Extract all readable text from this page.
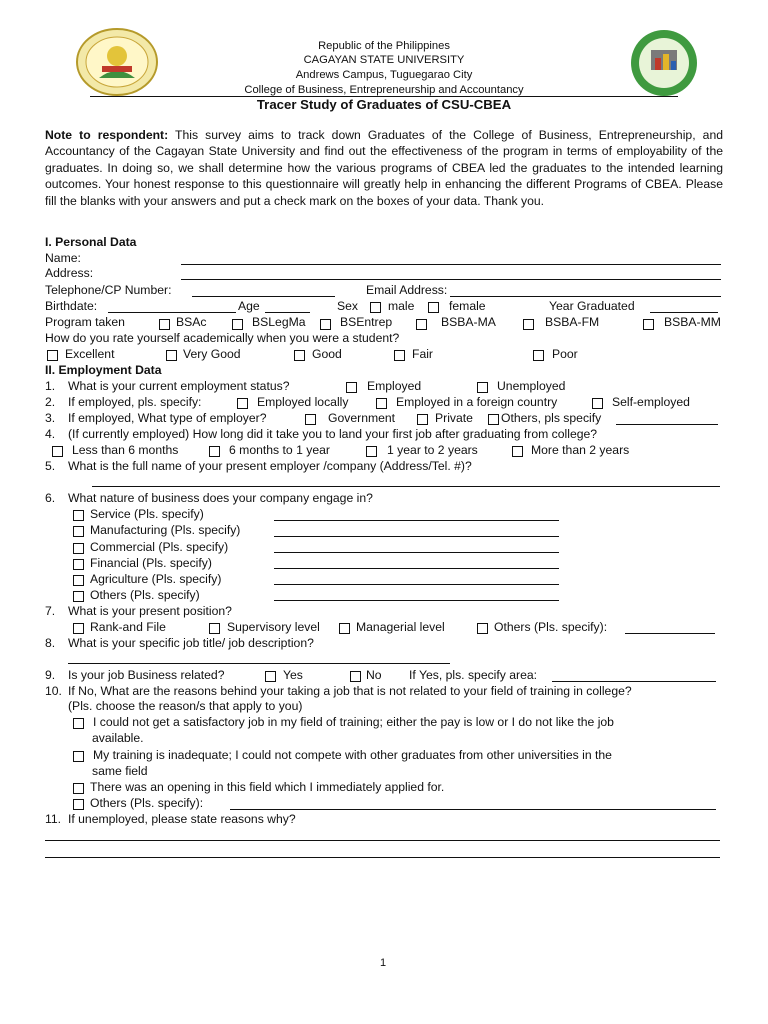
Republic of the Philippines
CAGAYAN STATE UNIVERSITY
Andrews Campus, Tuguegarao City
College of Business, Entrepreneurship and Accountancy
Tracer Study of Graduates of CSU-CBEA
Note to respondent: This survey aims to track down Graduates of the College of Business, Entrepreneurship, and Accountancy of the Cagayan State University and find out the effectiveness of the program in terms of employability of the graduates. In doing so, we shall determine how the various programs of CBEA led the graduates to the intended learning outcomes. Your honest response to this questionnaire will greatly help in enhancing the different Programs of CBEA. Please fill the blanks with your answers and put a check mark on the boxes of your data. Thank you.
I. Personal Data
Name:
Address:
Telephone/CP Number:	Email Address:
Birthdate:	Age	Sex male	female	Year Graduated
Program taken	BSAc	BSLegMa	BSEntrep	BSBA-MA	BSBA-FM	BSBA-MM
How do you rate yourself academically when you were a student?
Excellent	Very Good	Good	Fair	Poor
II. Employment Data
1. What is your current employment status?	Employed	Unemployed
2. If employed, pls. specify:	Employed locally	Employed in a foreign country	Self-employed
3. If employed, What type of employer?	Government	Private Others, pls specify
4. (If currently employed) How long did it take you to land your first job after graduating from college?
Less than 6 months	6 months to 1 year	1 year to 2 years	More than 2 years
5. What is the full name of your present employer /company (Address/Tel. #)?
6. What nature of business does your company engage in?
Service (Pls. specify)
Manufacturing (Pls. specify)
Commercial (Pls. specify)
Financial (Pls. specify)
Agriculture (Pls. specify)
Others (Pls. specify)
7. What is your present position?
Rank-and File	Supervisory level	Managerial level	Others (Pls. specify):
8. What is your specific job title/ job description?
9. Is your job Business related?	Yes	No If Yes, pls. specify area:
10. If No, What are the reasons behind your taking a job that is not related to your field of training in college?
(Pls. choose the reason/s that apply to you)
I could not get a satisfactory job in my field of training; either the pay is low or I do not like the job
available.
My training is inadequate; I could not compete with other graduates from other universities in the
same field
There was an opening in this field which I immediately applied for.
Others (Pls. specify):
11. If unemployed, please state reasons why?
1
